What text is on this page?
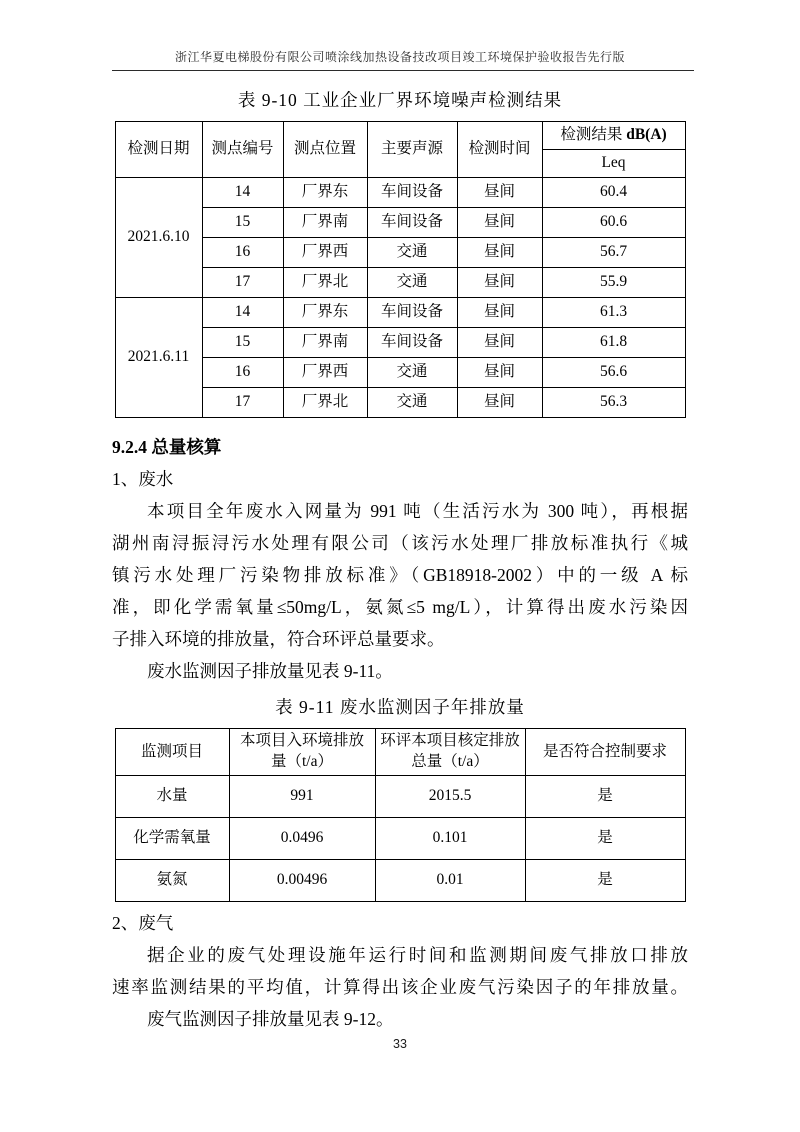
浙江华夏电梯股份有限公司喷涂线加热设备技改项目竣工环境保护验收报告先行版
表 9-10 工业企业厂界环境噪声检测结果
检测日期	测点编号	测点位置	主要声源	检测时间	检测结果 dB(A)
					Leq
2021.6.10	14	厂界东	车间设备	昼间	60.4
	15	厂界南	车间设备	昼间	60.6
	16	厂界西	交通	昼间	56.7
	17	厂界北	交通	昼间	55.9
2021.6.11	14	厂界东	车间设备	昼间	61.3
	15	厂界南	车间设备	昼间	61.8
	16	厂界西	交通	昼间	56.6
	17	厂界北	交通	昼间	56.3
9.2.4 总量核算
1、废水
本项目全年废水入网量为 991 吨（生活污水为 300 吨），再根据
湖州南浔振浔污水处理有限公司（该污水处理厂排放标准执行《城
镇污水处理厂污染物排放标准》（GB18918-2002）中的一级 A 标
准，即化学需氧量≤50mg/L，氨氮≤5 mg/L），计算得出废水污染因
子排入环境的排放量，符合环评总量要求。
废水监测因子排放量见表 9-11。
表 9-11 废水监测因子年排放量
监测项目	本项目入环境排放量（t/a）	环评本项目核定排放总量（t/a）	是否符合控制要求
水量	991	2015.5	是
化学需氧量	0.0496	0.101	是
氨氮	0.00496	0.01	是
2、废气
据企业的废气处理设施年运行时间和监测期间废气排放口排放
速率监测结果的平均值，计算得出该企业废气污染因子的年排放量。
废气监测因子排放量见表 9-12。
33
